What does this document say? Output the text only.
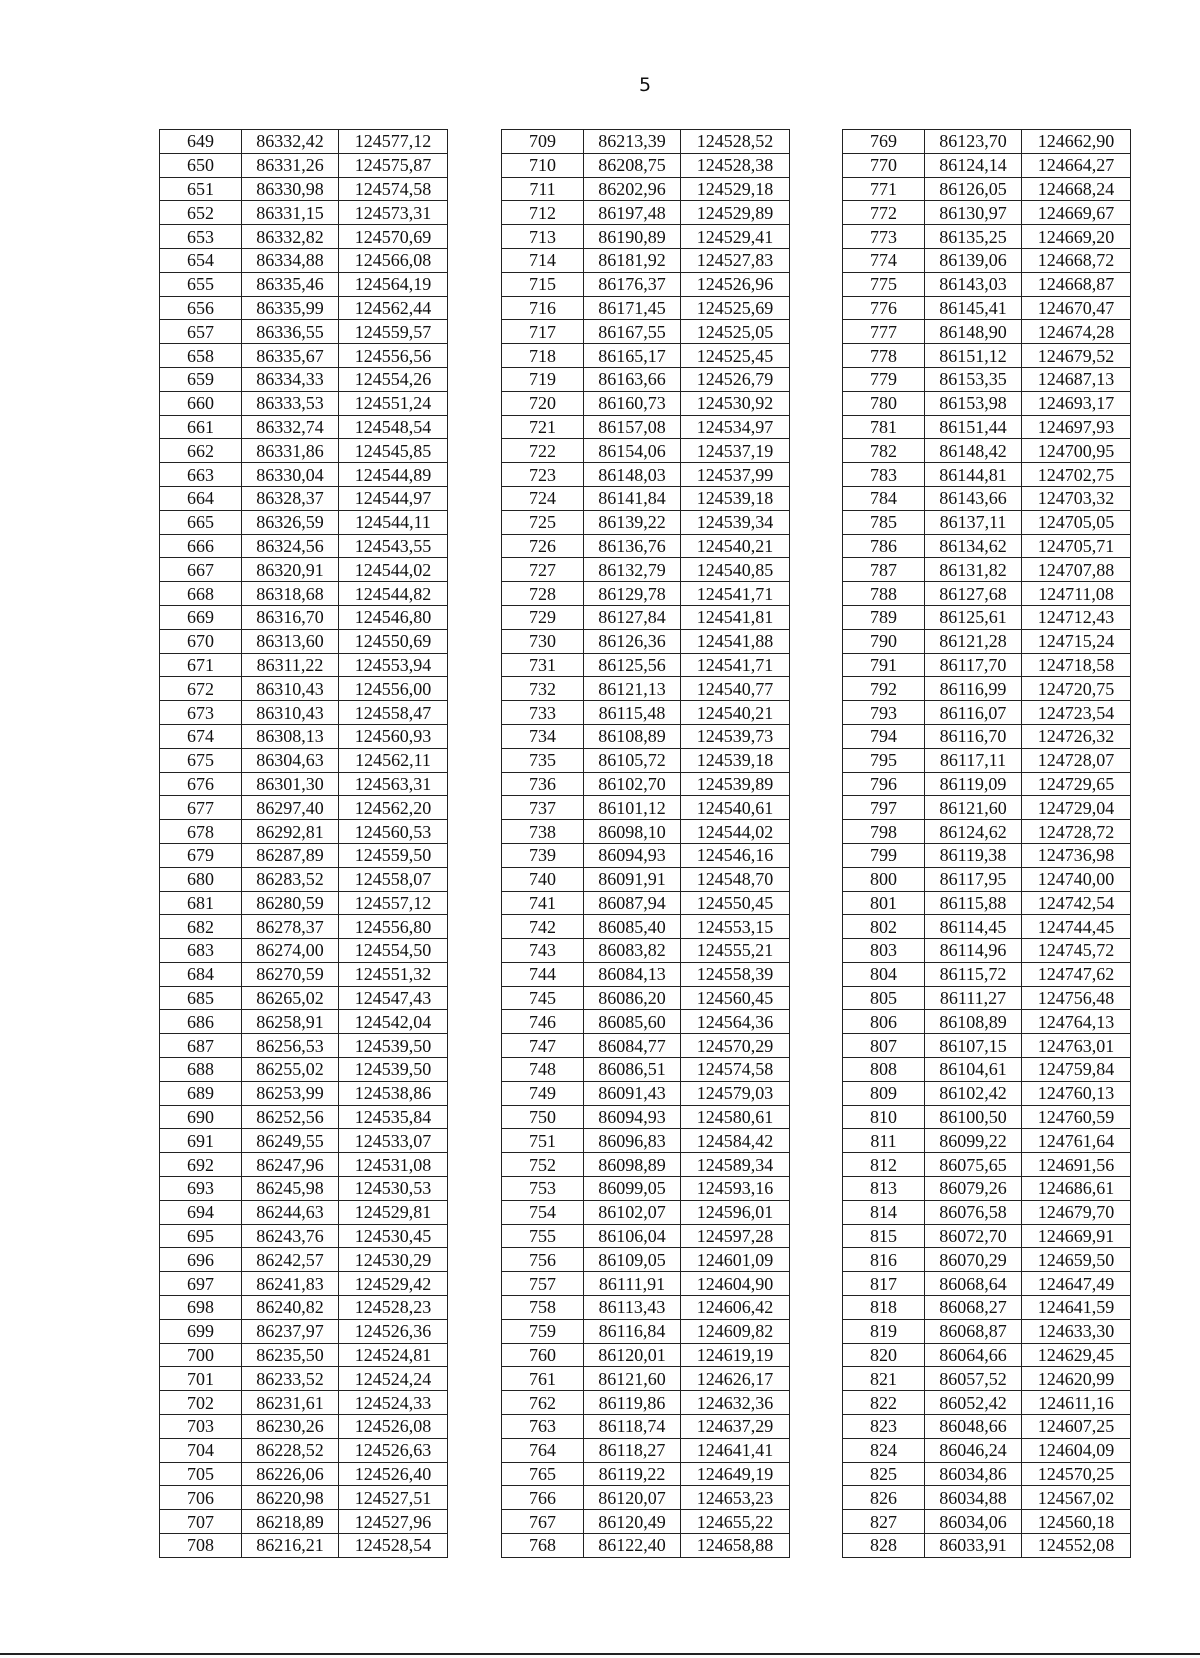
5
649	86332,42	124577,12
650	86331,26	124575,87
651	86330,98	124574,58
652	86331,15	124573,31
653	86332,82	124570,69
654	86334,88	124566,08
655	86335,46	124564,19
656	86335,99	124562,44
657	86336,55	124559,57
658	86335,67	124556,56
659	86334,33	124554,26
660	86333,53	124551,24
661	86332,74	124548,54
662	86331,86	124545,85
663	86330,04	124544,89
664	86328,37	124544,97
665	86326,59	124544,11
666	86324,56	124543,55
667	86320,91	124544,02
668	86318,68	124544,82
669	86316,70	124546,80
670	86313,60	124550,69
671	86311,22	124553,94
672	86310,43	124556,00
673	86310,43	124558,47
674	86308,13	124560,93
675	86304,63	124562,11
676	86301,30	124563,31
677	86297,40	124562,20
678	86292,81	124560,53
679	86287,89	124559,50
680	86283,52	124558,07
681	86280,59	124557,12
682	86278,37	124556,80
683	86274,00	124554,50
684	86270,59	124551,32
685	86265,02	124547,43
686	86258,91	124542,04
687	86256,53	124539,50
688	86255,02	124539,50
689	86253,99	124538,86
690	86252,56	124535,84
691	86249,55	124533,07
692	86247,96	124531,08
693	86245,98	124530,53
694	86244,63	124529,81
695	86243,76	124530,45
696	86242,57	124530,29
697	86241,83	124529,42
698	86240,82	124528,23
699	86237,97	124526,36
700	86235,50	124524,81
701	86233,52	124524,24
702	86231,61	124524,33
703	86230,26	124526,08
704	86228,52	124526,63
705	86226,06	124526,40
706	86220,98	124527,51
707	86218,89	124527,96
708	86216,21	124528,54
709	86213,39	124528,52
710	86208,75	124528,38
711	86202,96	124529,18
712	86197,48	124529,89
713	86190,89	124529,41
714	86181,92	124527,83
715	86176,37	124526,96
716	86171,45	124525,69
717	86167,55	124525,05
718	86165,17	124525,45
719	86163,66	124526,79
720	86160,73	124530,92
721	86157,08	124534,97
722	86154,06	124537,19
723	86148,03	124537,99
724	86141,84	124539,18
725	86139,22	124539,34
726	86136,76	124540,21
727	86132,79	124540,85
728	86129,78	124541,71
729	86127,84	124541,81
730	86126,36	124541,88
731	86125,56	124541,71
732	86121,13	124540,77
733	86115,48	124540,21
734	86108,89	124539,73
735	86105,72	124539,18
736	86102,70	124539,89
737	86101,12	124540,61
738	86098,10	124544,02
739	86094,93	124546,16
740	86091,91	124548,70
741	86087,94	124550,45
742	86085,40	124553,15
743	86083,82	124555,21
744	86084,13	124558,39
745	86086,20	124560,45
746	86085,60	124564,36
747	86084,77	124570,29
748	86086,51	124574,58
749	86091,43	124579,03
750	86094,93	124580,61
751	86096,83	124584,42
752	86098,89	124589,34
753	86099,05	124593,16
754	86102,07	124596,01
755	86106,04	124597,28
756	86109,05	124601,09
757	86111,91	124604,90
758	86113,43	124606,42
759	86116,84	124609,82
760	86120,01	124619,19
761	86121,60	124626,17
762	86119,86	124632,36
763	86118,74	124637,29
764	86118,27	124641,41
765	86119,22	124649,19
766	86120,07	124653,23
767	86120,49	124655,22
768	86122,40	124658,88
769	86123,70	124662,90
770	86124,14	124664,27
771	86126,05	124668,24
772	86130,97	124669,67
773	86135,25	124669,20
774	86139,06	124668,72
775	86143,03	124668,87
776	86145,41	124670,47
777	86148,90	124674,28
778	86151,12	124679,52
779	86153,35	124687,13
780	86153,98	124693,17
781	86151,44	124697,93
782	86148,42	124700,95
783	86144,81	124702,75
784	86143,66	124703,32
785	86137,11	124705,05
786	86134,62	124705,71
787	86131,82	124707,88
788	86127,68	124711,08
789	86125,61	124712,43
790	86121,28	124715,24
791	86117,70	124718,58
792	86116,99	124720,75
793	86116,07	124723,54
794	86116,70	124726,32
795	86117,11	124728,07
796	86119,09	124729,65
797	86121,60	124729,04
798	86124,62	124728,72
799	86119,38	124736,98
800	86117,95	124740,00
801	86115,88	124742,54
802	86114,45	124744,45
803	86114,96	124745,72
804	86115,72	124747,62
805	86111,27	124756,48
806	86108,89	124764,13
807	86107,15	124763,01
808	86104,61	124759,84
809	86102,42	124760,13
810	86100,50	124760,59
811	86099,22	124761,64
812	86075,65	124691,56
813	86079,26	124686,61
814	86076,58	124679,70
815	86072,70	124669,91
816	86070,29	124659,50
817	86068,64	124647,49
818	86068,27	124641,59
819	86068,87	124633,30
820	86064,66	124629,45
821	86057,52	124620,99
822	86052,42	124611,16
823	86048,66	124607,25
824	86046,24	124604,09
825	86034,86	124570,25
826	86034,88	124567,02
827	86034,06	124560,18
828	86033,91	124552,08
